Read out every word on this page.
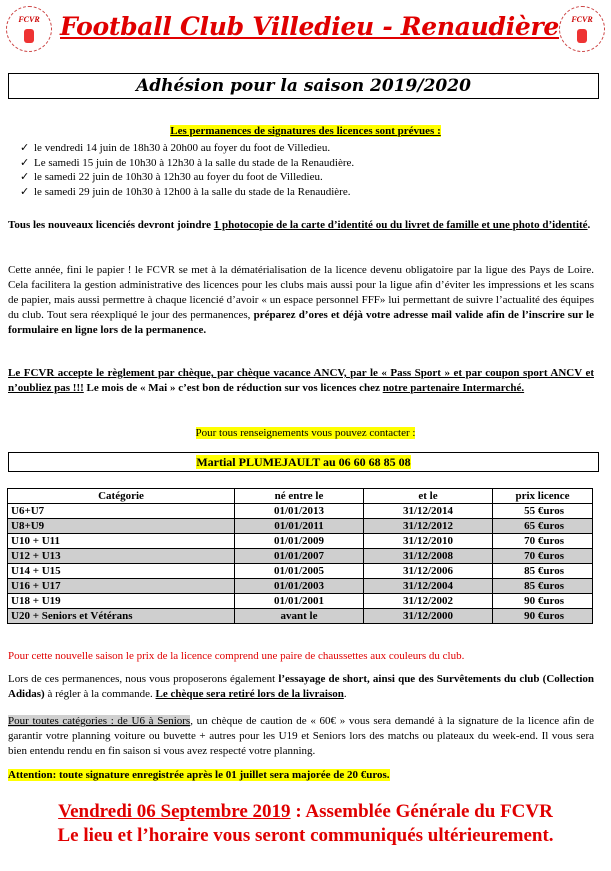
FCVR Football Club Villedieu - Renaudière	FCVR
Adhésion pour la saison 2019/2020
Les permanences de signatures des licences sont prévues :
✓ le vendredi 14 juin de 18h30 à 20h00 au foyer du foot de Villedieu.
✓ Le samedi 15 juin de 10h30 à 12h30 à la salle du stade de la Renaudière.
✓ le samedi 22 juin de 10h30 à 12h30 au foyer du foot de Villedieu.
✓ le samedi 29 juin de 10h30 à 12h00 à la salle du stade de la Renaudière.

Tous les nouveaux licenciés devront joindre 1 photocopie de la carte d’identité ou du livret de famille et une photo d’identité.

Cette année, fini le papier ! le FCVR se met à la dématérialisation de la licence devenu obligatoire par la ligue des Pays de Loire. Cela facilitera la gestion administrative des licences pour les clubs mais aussi pour la ligue afin d’éviter les impressions et les scans de papier, mais aussi permettre à chaque licencié d’avoir « un espace personnel FFF» lui permettant de suivre l’actualité des équipes du club. Tout sera réexpliqué le jour des permanences, préparez d’ores et déjà votre adresse mail valide afin de l’inscrire sur le formulaire en ligne lors de la permanence.

Le FCVR accepte le règlement par chèque, par chèque vacance ANCV, par le « Pass Sport » et par coupon sport ANCV et n’oubliez pas !!! Le mois de « Mai » c’est bon de réduction sur vos licences chez notre partenaire Intermarché.

Pour tous renseignements vous pouvez contacter :
Martial PLUMEJAULT au 06 60 68 85 08
Catégorie	né entre le	et le	prix licence
U6+U7	01/01/2013	31/12/2014	55 €uros
U8+U9	01/01/2011	31/12/2012	65 €uros
U10 + U11	01/01/2009	31/12/2010	70 €uros
U12 + U13	01/01/2007	31/12/2008	70 €uros
U14 + U15	01/01/2005	31/12/2006	85 €uros
U16 + U17	01/01/2003	31/12/2004	85 €uros
U18 + U19	01/01/2001	31/12/2002	90 €uros
U20 + Seniors et Vétérans	avant le	31/12/2000	90 €uros
Pour cette nouvelle saison le prix de la licence comprend une paire de chaussettes aux couleurs du club.

Lors de ces permanences, nous vous proposerons également l’essayage de short, ainsi que des Survêtements du club (Collection Adidas) à régler à la commande. Le chèque sera retiré lors de la livraison.

Pour toutes catégories : de U6 à Seniors, un chèque de caution de « 60€ » vous sera demandé à la signature de la licence afin de garantir votre planning voiture ou buvette + autres pour les U19 et Seniors lors des matchs ou plateaux du week-end. Il vous sera bien entendu rendu en fin saison si vous avez respecté votre planning.

Attention: toute signature enregistrée après le 01 juillet sera majorée de 20 €uros.

Vendredi 06 Septembre 2019 : Assemblée Générale du FCVR
Le lieu et l’horaire vous seront communiqués ultérieurement.
